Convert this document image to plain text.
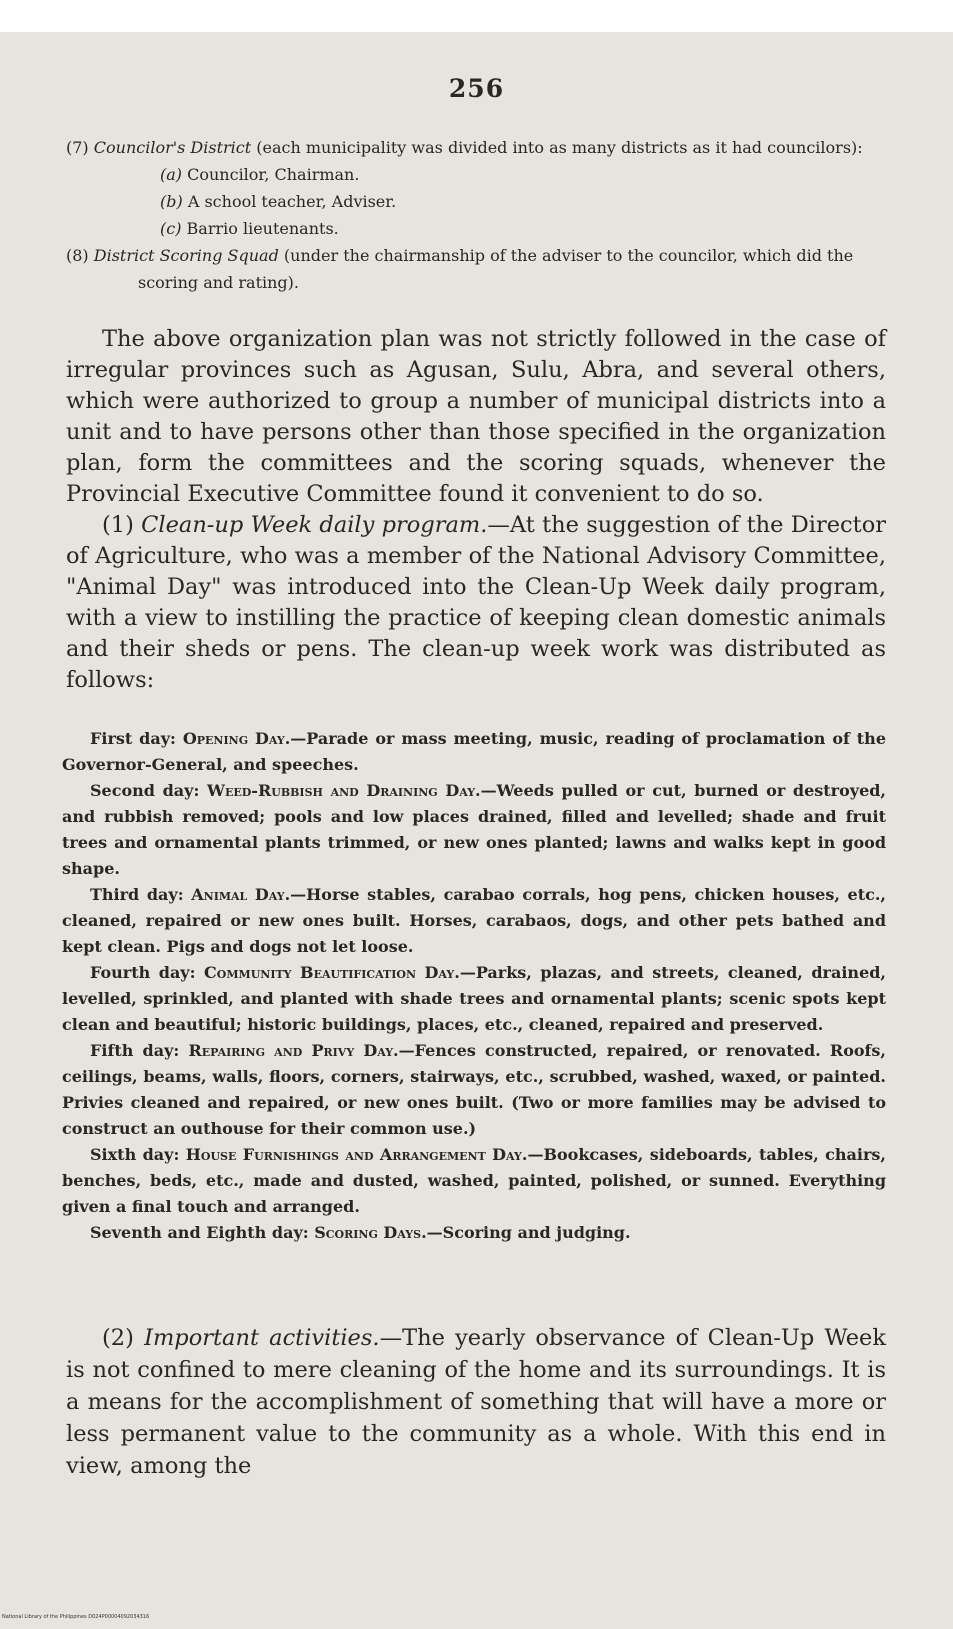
256
(7) Councilor's District (each municipality was divided into as many districts as it had councilors):
(a) Councilor, Chairman.
(b) A school teacher, Adviser.
(c) Barrio lieutenants.
(8) District Scoring Squad (under the chairmanship of the adviser to the councilor, which did the scoring and rating).

The above organization plan was not strictly followed in the case of irregular provinces such as Agusan, Sulu, Abra, and several others, which were authorized to group a number of municipal districts into a unit and to have persons other than those specified in the organization plan, form the committees and the scoring squads, whenever the Provincial Executive Committee found it convenient to do so.

(1) Clean-up Week daily program.—At the suggestion of the Director of Agriculture, who was a member of the National Advisory Committee, "Animal Day" was introduced into the Clean-Up Week daily program, with a view to instilling the practice of keeping clean domestic animals and their sheds or pens. The clean-up week work was distributed as follows:

First day: Opening Day.—Parade or mass meeting, music, reading of proclamation of the Governor-General, and speeches.

Second day: Weed-Rubbish and Draining Day.—Weeds pulled or cut, burned or destroyed, and rubbish removed; pools and low places drained, filled and levelled; shade and fruit trees and ornamental plants trimmed, or new ones planted; lawns and walks kept in good shape.

Third day: Animal Day.—Horse stables, carabao corrals, hog pens, chicken houses, etc., cleaned, repaired or new ones built. Horses, carabaos, dogs, and other pets bathed and kept clean. Pigs and dogs not let loose.

Fourth day: Community Beautification Day.—Parks, plazas, and streets, cleaned, drained, levelled, sprinkled, and planted with shade trees and ornamental plants; scenic spots kept clean and beautiful; historic buildings, places, etc., cleaned, repaired and preserved.

Fifth day: Repairing and Privy Day.—Fences constructed, repaired, or renovated. Roofs, ceilings, beams, walls, floors, corners, stairways, etc., scrubbed, washed, waxed, or painted. Privies cleaned and repaired, or new ones built. (Two or more families may be advised to construct an outhouse for their common use.)

Sixth day: House Furnishings and Arrangement Day.—Bookcases, sideboards, tables, chairs, benches, beds, etc., made and dusted, washed, painted, polished, or sunned. Everything given a final touch and arranged.

Seventh and Eighth day: Scoring Days.—Scoring and judging.

(2) Important activities.—The yearly observance of Clean-Up Week is not confined to mere cleaning of the home and its surroundings. It is a means for the accomplishment of something that will have a more or less permanent value to the community as a whole. With this end in view, among the

National Library of the Philippines D024P00004092034316
